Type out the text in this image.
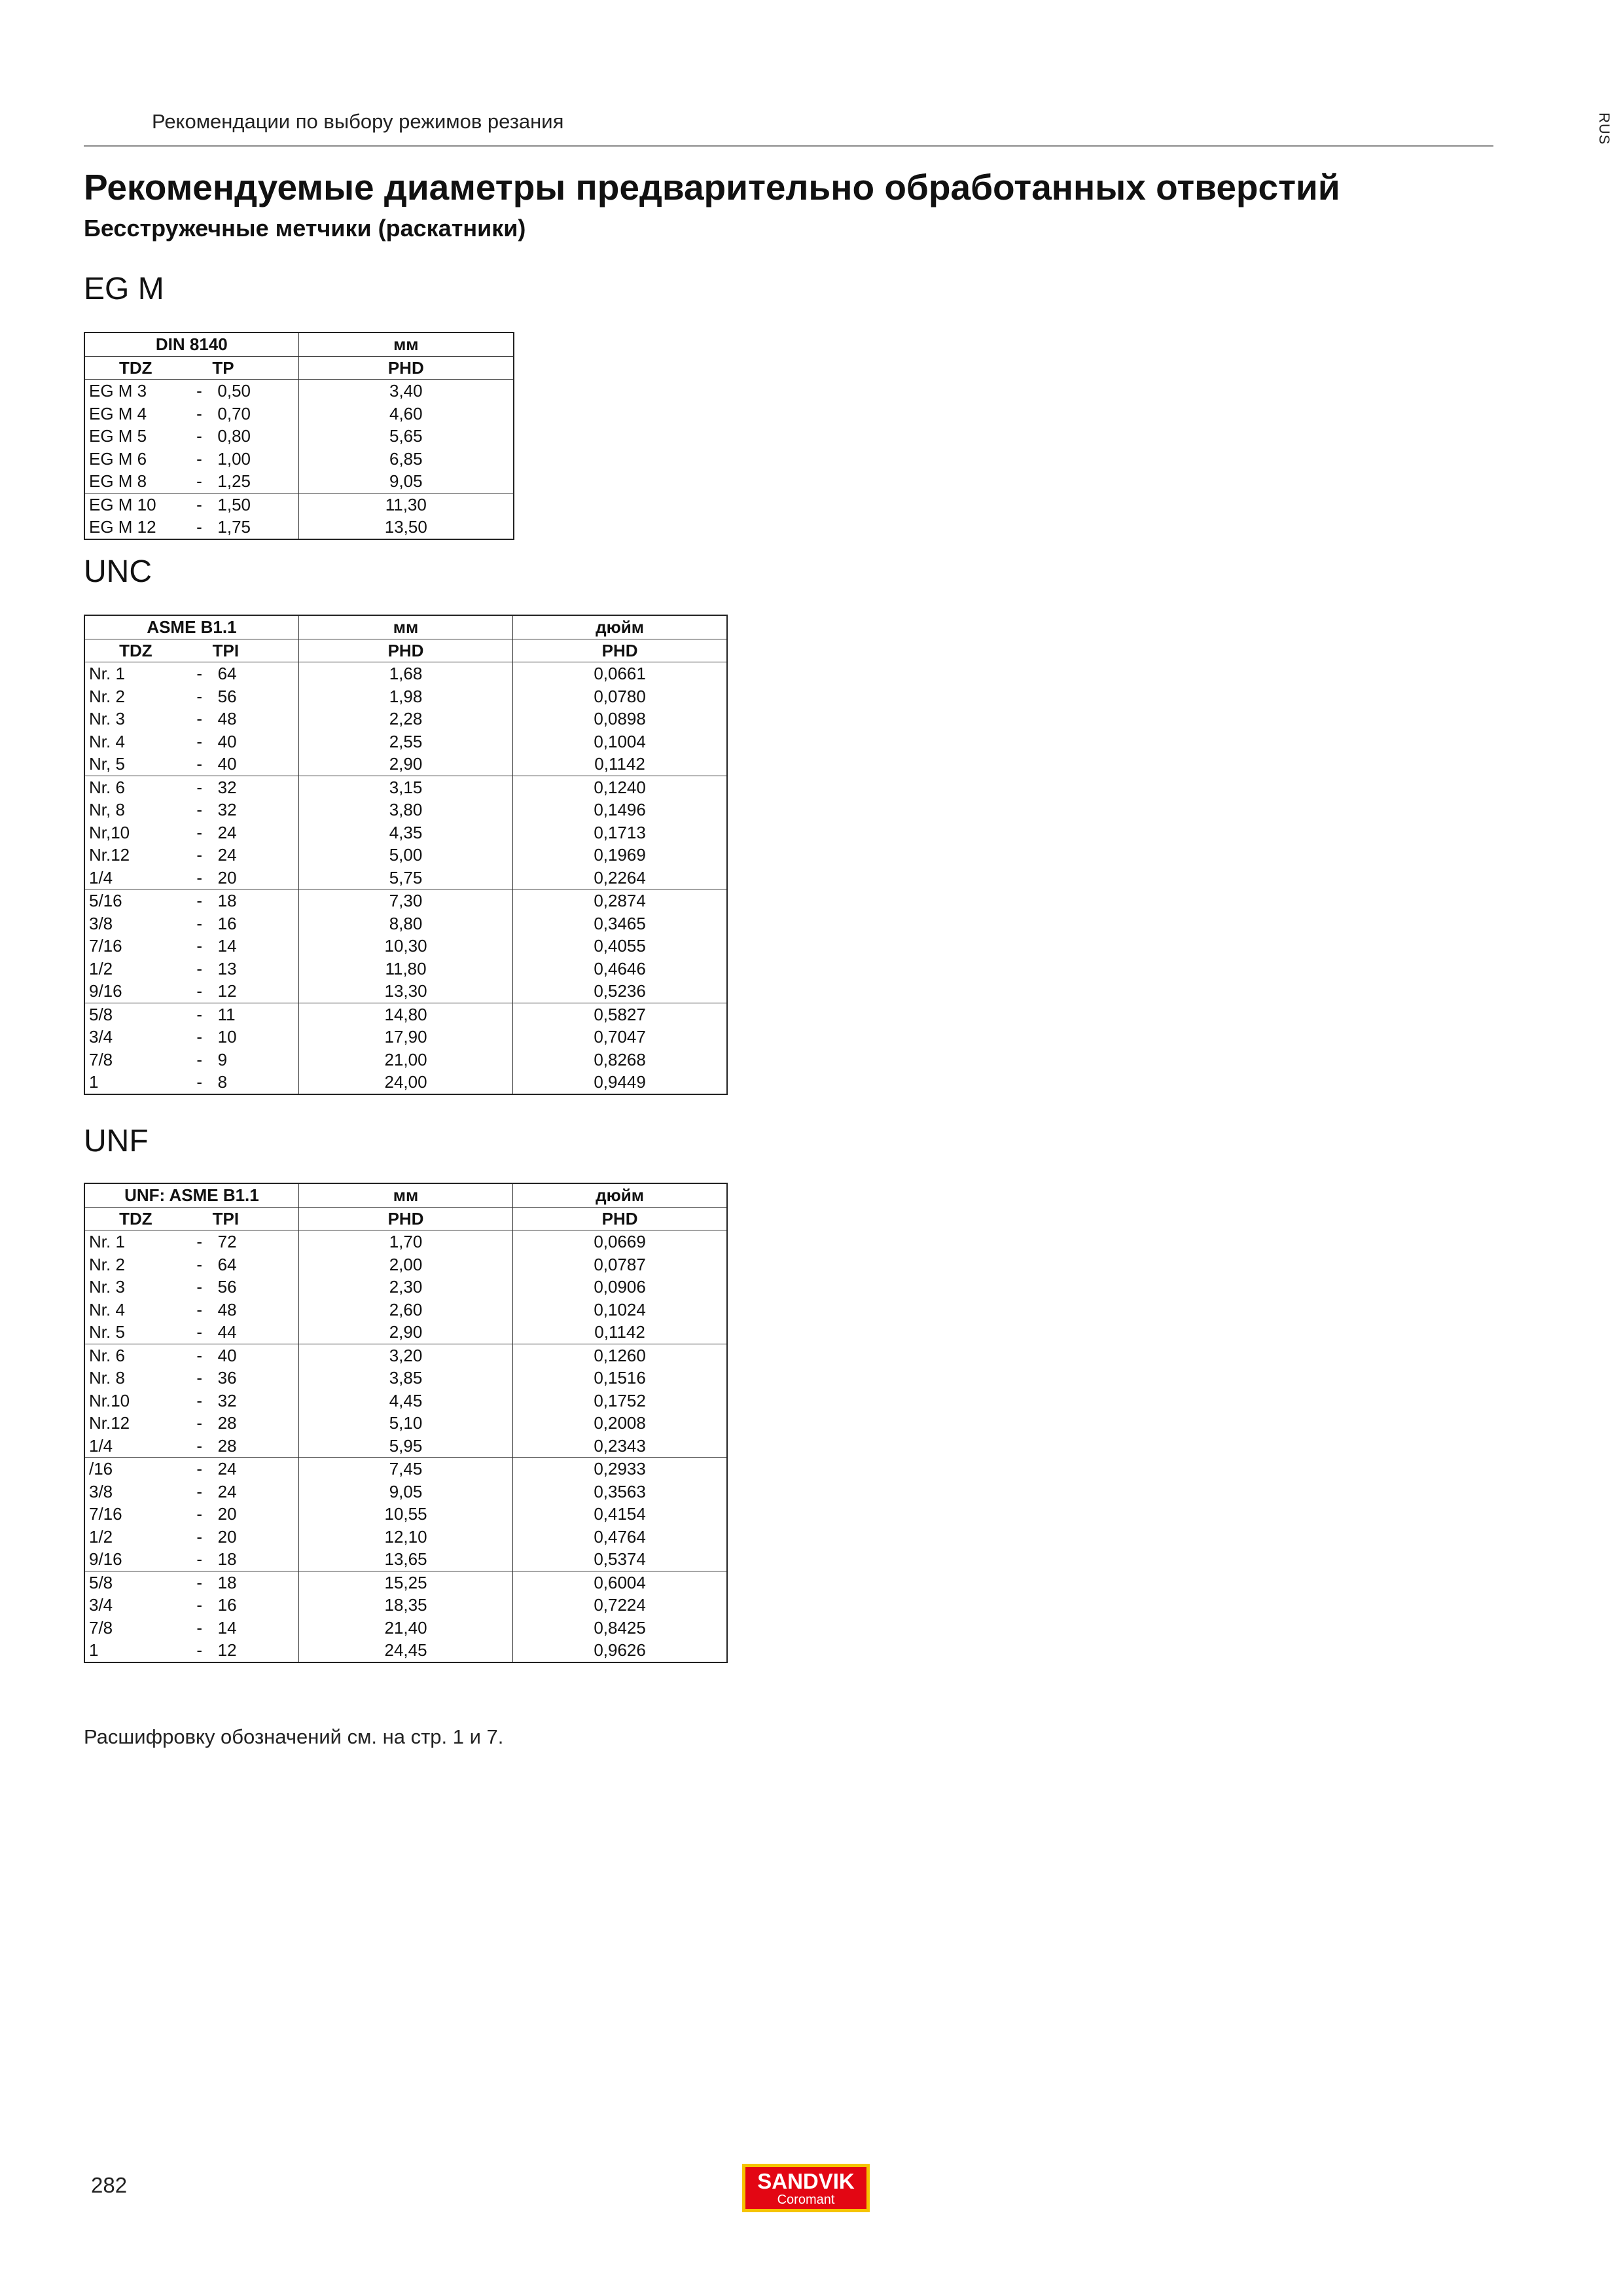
Рекомендации по выбору режимов резания	RUS
Рекомендуемые диаметры предварительно обработанных отверстий
Бесстружечные метчики (раскатники)
EG M
DIN 8140			мм
TDZ		TP	PHD
EG M 3	-	0,50	3,40
EG M 4	-	0,70	4,60
EG M 5	-	0,80	5,65
EG M 6	-	1,00	6,85
EG M 8	-	1,25	9,05
EG M 10	-	1,50	11,30
EG M 12	-	1,75	13,50
UNC
ASME B1.1			мм	дюйм
TDZ		TPI	PHD	PHD
Nr. 1	-	64	1,68	0,0661
Nr. 2	-	56	1,98	0,0780
Nr. 3	-	48	2,28	0,0898
Nr. 4	-	40	2,55	0,1004
Nr, 5	-	40	2,90	0,1142
Nr. 6	-	32	3,15	0,1240
Nr, 8	-	32	3,80	0,1496
Nr,10	-	24	4,35	0,1713
Nr.12	-	24	5,00	0,1969
1/4	-	20	5,75	0,2264
5/16	-	18	7,30	0,2874
3/8	-	16	8,80	0,3465
7/16	-	14	10,30	0,4055
1/2	-	13	11,80	0,4646
9/16	-	12	13,30	0,5236
5/8	-	11	14,80	0,5827
3/4	-	10	17,90	0,7047
7/8	-	9	21,00	0,8268
1	-	8	24,00	0,9449
UNF
UNF: ASME B1.1			мм	дюйм
TDZ		TPI	PHD	PHD
Nr. 1	-	72	1,70	0,0669
Nr. 2	-	64	2,00	0,0787
Nr. 3	-	56	2,30	0,0906
Nr. 4	-	48	2,60	0,1024
Nr. 5	-	44	2,90	0,1142
Nr. 6	-	40	3,20	0,1260
Nr. 8	-	36	3,85	0,1516
Nr.10	-	32	4,45	0,1752
Nr.12	-	28	5,10	0,2008
1/4	-	28	5,95	0,2343
/16	-	24	7,45	0,2933
3/8	-	24	9,05	0,3563
7/16	-	20	10,55	0,4154
1/2	-	20	12,10	0,4764
9/16	-	18	13,65	0,5374
5/8	-	18	15,25	0,6004
3/4	-	16	18,35	0,7224
7/8	-	14	21,40	0,8425
1	-	12	24,45	0,9626
Расшифровку обозначений см. на стр. 1 и 7.
282	SANDVIK
Coromant
